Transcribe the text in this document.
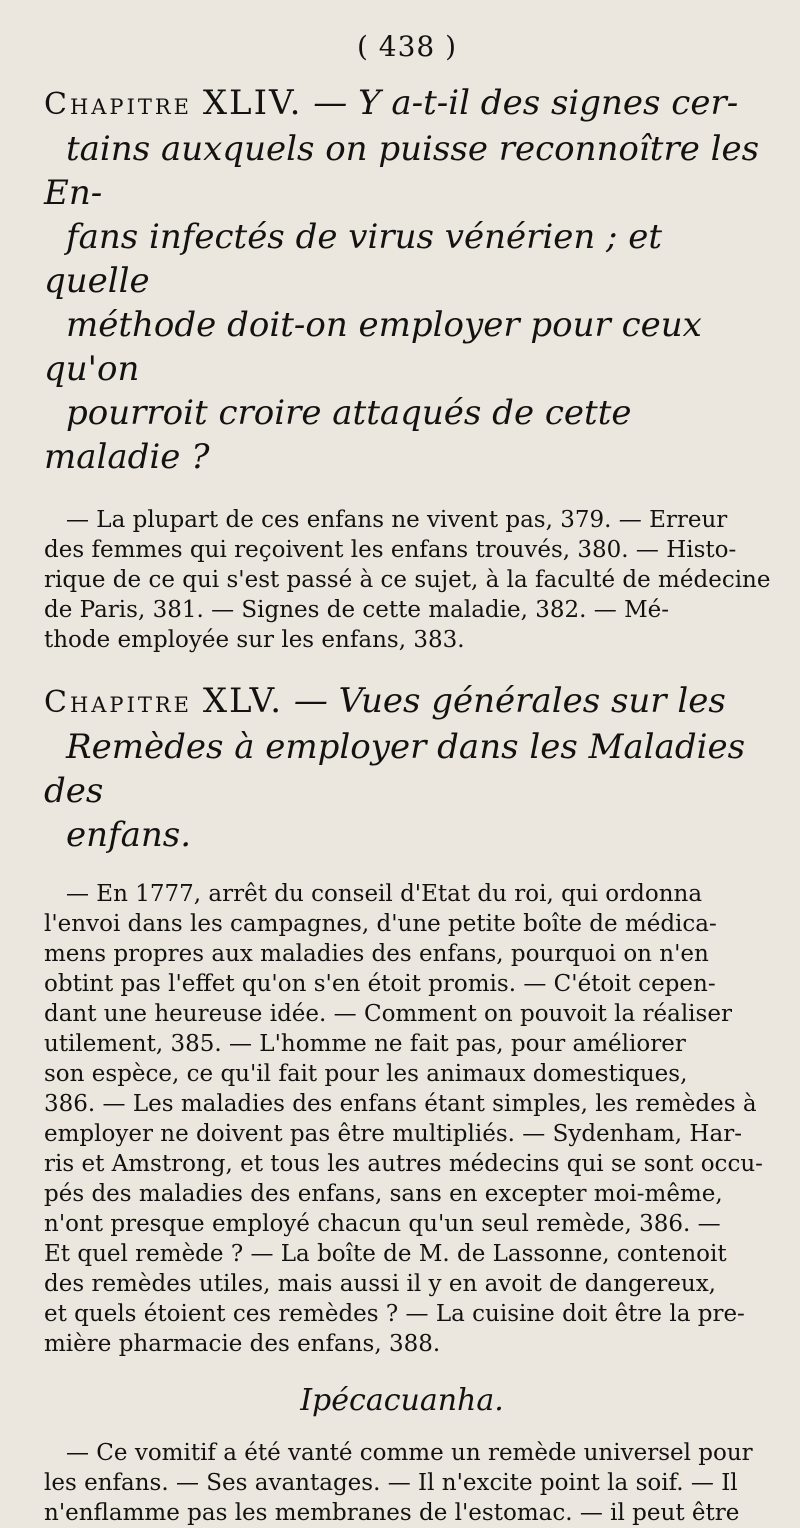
( 438 )
Chapitre XLIV. — Y a-t-il des signes cer-
tains auxquels on puisse reconnoître les En-
fans infectés de virus vénérien ; et quelle
méthode doit-on employer pour ceux qu'on
pourroit croire attaqués de cette maladie ?

— La plupart de ces enfans ne vivent pas, 379. — Erreur
des femmes qui reçoivent les enfans trouvés, 380. — Histo-
rique de ce qui s'est passé à ce sujet, à la faculté de médecine
de Paris, 381. — Signes de cette maladie, 382. — Mé-
thode employée sur les enfans, 383.

Chapitre XLV. — Vues générales sur les
Remèdes à employer dans les Maladies des
enfans.

— En 1777, arrêt du conseil d'Etat du roi, qui ordonna
l'envoi dans les campagnes, d'une petite boîte de médica-
mens propres aux maladies des enfans, pourquoi on n'en
obtint pas l'effet qu'on s'en étoit promis. — C'étoit cepen-
dant une heureuse idée. — Comment on pouvoit la réaliser
utilement, 385. — L'homme ne fait pas, pour améliorer
son espèce, ce qu'il fait pour les animaux domestiques,
386. — Les maladies des enfans étant simples, les remèdes à
employer ne doivent pas être multipliés. — Sydenham, Har-
ris et Amstrong, et tous les autres médecins qui se sont occu-
pés des maladies des enfans, sans en excepter moi-même,
n'ont presque employé chacun qu'un seul remède, 386. —
Et quel remède ? — La boîte de M. de Lassonne, contenoit
des remèdes utiles, mais aussi il y en avoit de dangereux,
et quels étoient ces remèdes ? — La cuisine doit être la pre-
mière pharmacie des enfans, 388.

Ipécacuanha.

— Ce vomitif a été vanté comme un remède universel pour
les enfans. — Ses avantages. — Il n'excite point la soif. — Il
n'enflamme pas les membranes de l'estomac. — il peut être
